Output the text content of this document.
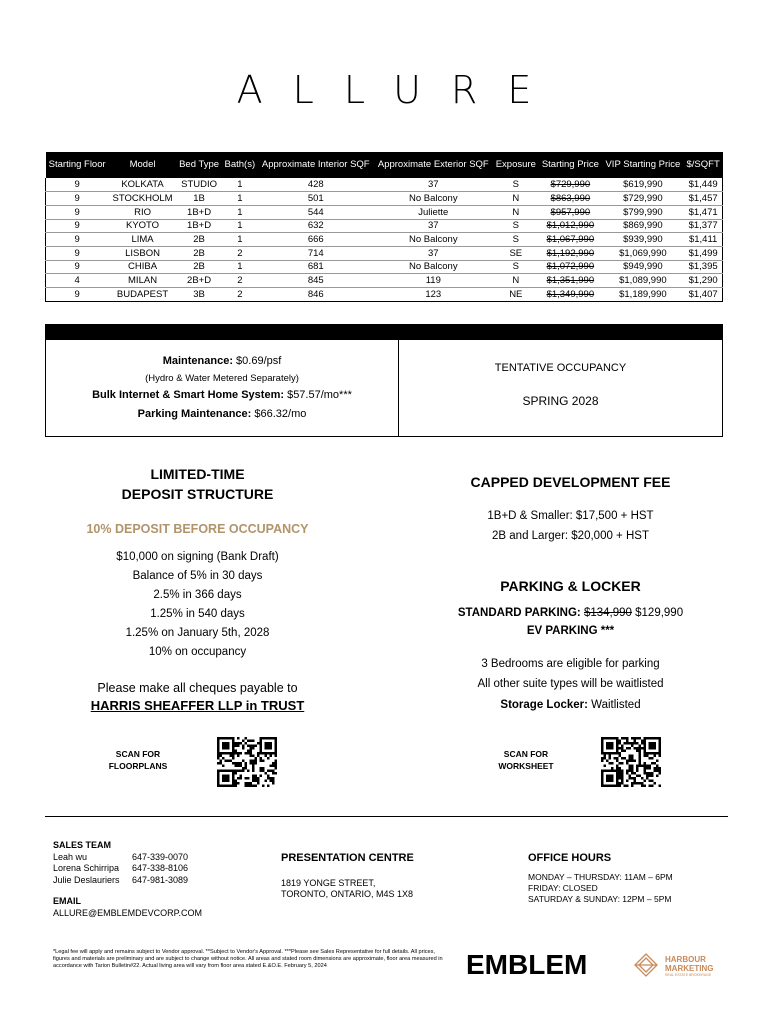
ALLURE
Starting Floor	Model	Bed Type	Bath(s)	Approximate Interior SQF	Approximate Exterior SQF	Exposure	Starting Price	VIP Starting Price	$/SQFT
9	KOLKATA	STUDIO	1	428	37	S	$729,990	$619,990	$1,449
9	STOCKHOLM	1B	1	501	No Balcony	N	$863,990	$729,990	$1,457
9	RIO	1B+D	1	544	Juliette	N	$957,990	$799,990	$1,471
9	KYOTO	1B+D	1	632	37	S	$1,012,990	$869,990	$1,377
9	LIMA	2B	1	666	No Balcony	S	$1,067,990	$939,990	$1,411
9	LISBON	2B	2	714	37	SE	$1,192,990	$1,069,990	$1,499
9	CHIBA	2B	1	681	No Balcony	S	$1,072,990	$949,990	$1,395
4	MILAN	2B+D	2	845	119	N	$1,351,990	$1,089,990	$1,290
9	BUDAPEST	3B	2	846	123	NE	$1,349,990	$1,189,990	$1,407
Maintenance: $0.69/psf
(Hydro & Water Metered Separately)
Bulk Internet & Smart Home System: $57.57/mo***
Parking Maintenance: $66.32/mo
TENTATIVE OCCUPANCY
SPRING 2028
LIMITED-TIME
DEPOSIT STRUCTURE
10% DEPOSIT BEFORE OCCUPANCY
$10,000 on signing (Bank Draft)
Balance of 5% in 30 days
2.5% in 366 days
1.25% in 540 days
1.25% on January 5th, 2028
10% on occupancy
Please make all cheques payable to
HARRIS SHEAFFER LLP in TRUST
CAPPED DEVELOPMENT FEE
1B+D & Smaller: $17,500 + HST
2B and Larger: $20,000 + HST
PARKING & LOCKER
STANDARD PARKING: $134,990 $129,990
EV PARKING ***
3 Bedrooms are eligible for parking
All other suite types will be waitlisted
Storage Locker: Waitlisted
SCAN FOR
FLOORPLANS
SCAN FOR
WORKSHEET
SALES TEAM
Leah wu	647-339-0070
Lorena Schirripa	647-338-8106
Julie Deslauriers	647-981-3089
EMAIL
ALLURE@EMBLEMDEVCORP.COM
PRESENTATION CENTRE
1819 YONGE STREET,
TORONTO, ONTARIO, M4S 1X8
OFFICE HOURS
MONDAY – THURSDAY: 11AM – 6PM
FRIDAY: CLOSED
SATURDAY & SUNDAY: 12PM – 5PM
*Legal fee will apply and remains subject to Vendor approval. **Subject to Vendor's Approval. ***Please see Sales Representative for full details. All prices, figures and materials are preliminary and are subject to change without notice. All areas and stated room dimensions are approximate, floor area measured in accordance with Tarion Bulletin#22. Actual living area will vary from floor area stated E.&O.E. February 5, 2024	EMBLEM	HARBOUR
MARKETING
REAL ESTATE BROKERAGE
